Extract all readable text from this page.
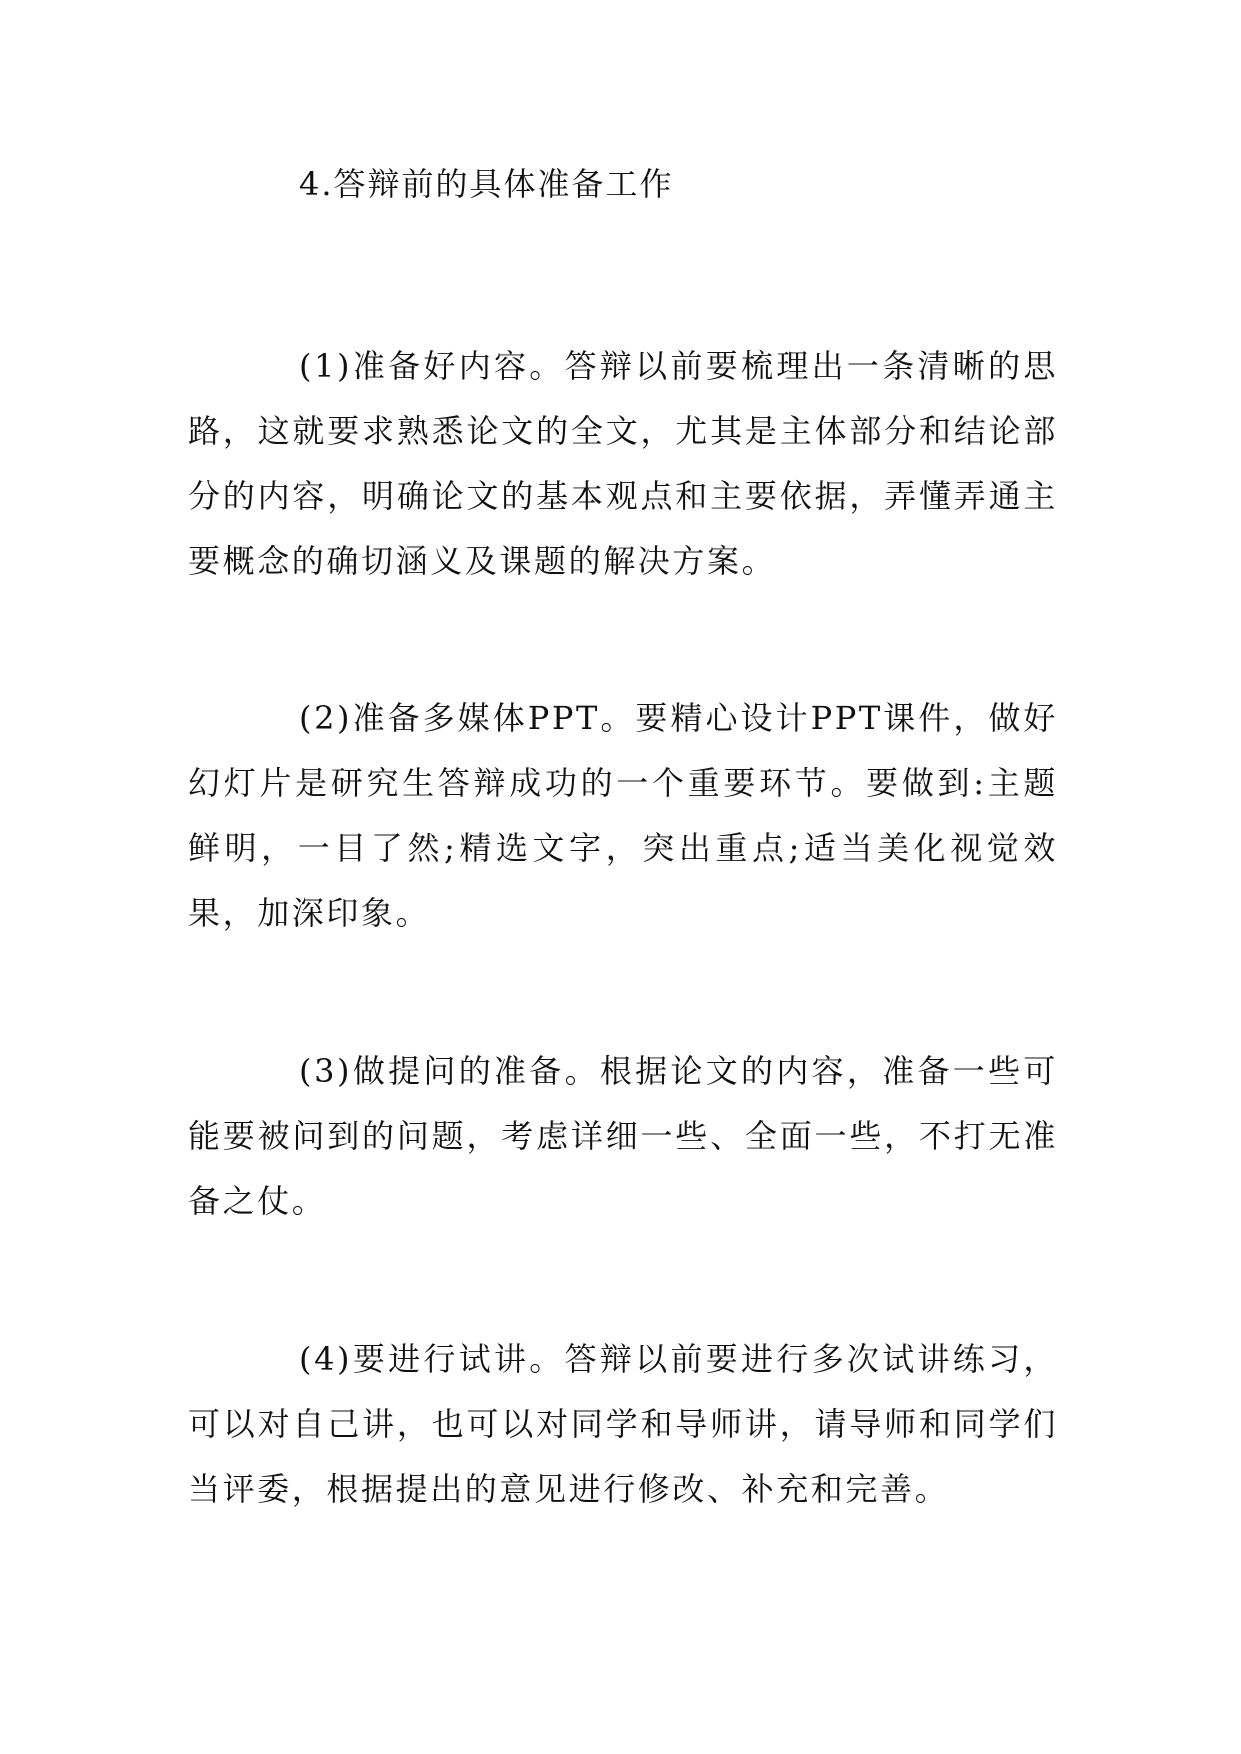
4.答辩前的具体准备工作

(1)准备好内容。答辩以前要梳理出一条清晰的思路，这就要求熟悉论文的全文，尤其是主体部分和结论部分的内容，明确论文的基本观点和主要依据，弄懂弄通主要概念的确切涵义及课题的解决方案。

(2)准备多媒体PPT。要精心设计PPT课件，做好幻灯片是研究生答辩成功的一个重要环节。要做到:主题鲜明，一目了然;精选文字，突出重点;适当美化视觉效果，加深印象。

(3)做提问的准备。根据论文的内容，准备一些可能要被问到的问题，考虑详细一些、全面一些，不打无准备之仗。

(4)要进行试讲。答辩以前要进行多次试讲练习，可以对自己讲，也可以对同学和导师讲，请导师和同学们当评委，根据提出的意见进行修改、补充和完善。
